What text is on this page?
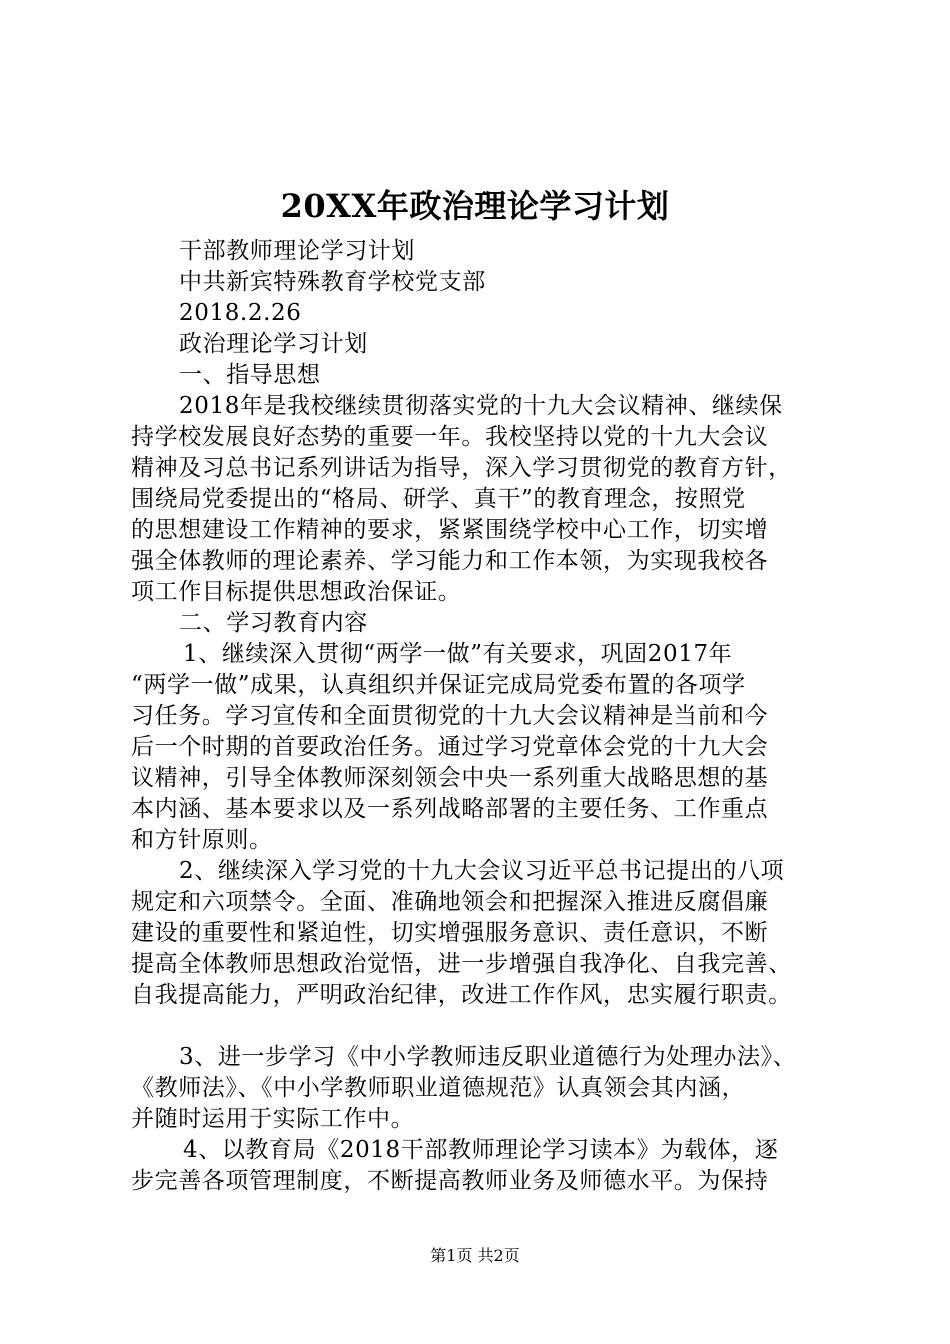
20XX年政治理论学习计划
干部教师理论学习计划
中共新宾特殊教育学校党支部
2018.2.26
政治理论学习计划
一、指导思想
2018年是我校继续贯彻落实党的十九大会议精神、继续保
持学校发展良好态势的重要一年。我校坚持以党的十九大会议
精神及习总书记系列讲话为指导，深入学习贯彻党的教育方针，
围绕局党委提出的“格局、研学、真干”的教育理念，按照党
的思想建设工作精神的要求，紧紧围绕学校中心工作，切实增
强全体教师的理论素养、学习能力和工作本领，为实现我校各
项工作目标提供思想政治保证。
二、学习教育内容
1、继续深入贯彻“两学一做”有关要求，巩固2017年
“两学一做”成果，认真组织并保证完成局党委布置的各项学
习任务。学习宣传和全面贯彻党的十九大会议精神是当前和今
后一个时期的首要政治任务。通过学习党章体会党的十九大会
议精神，引导全体教师深刻领会中央一系列重大战略思想的基
本内涵、基本要求以及一系列战略部署的主要任务、工作重点
和方针原则。
2、继续深入学习党的十九大会议习近平总书记提出的八项
规定和六项禁令。全面、准确地领会和把握深入推进反腐倡廉
建设的重要性和紧迫性，切实增强服务意识、责任意识，不断
提高全体教师思想政治觉悟，进一步增强自我净化、自我完善、
自我提高能力，严明政治纪律，改进工作作风，忠实履行职责。
3、进一步学习《中小学教师违反职业道德行为处理办法》、
《教师法》、《中小学教师职业道德规范》认真领会其内涵，
并随时运用于实际工作中。
4、以教育局《2018干部教师理论学习读本》为载体，逐
步完善各项管理制度，不断提高教师业务及师德水平。为保持
第1页 共2页
